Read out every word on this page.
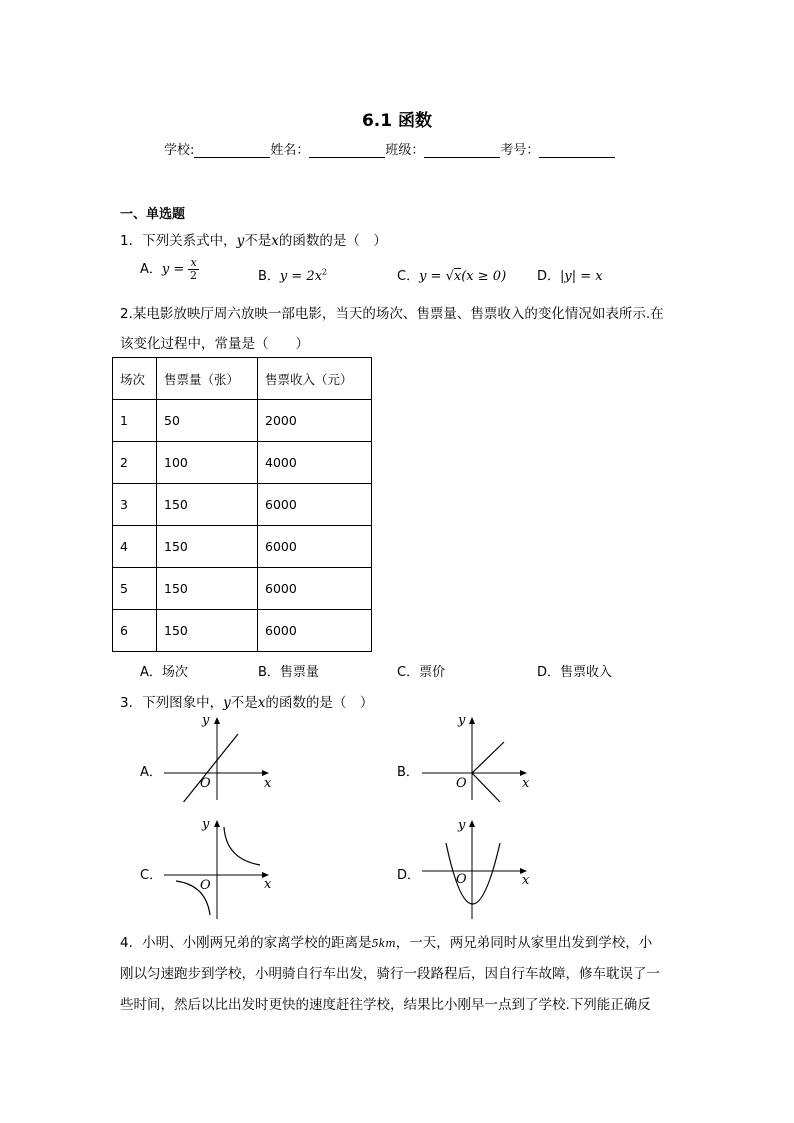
6.1 函数
学校:	姓名：	班级：	考号：
一、单选题
1．下列关系式中，y不是x的函数的是（　）
A．$y = \frac{x}{2}$	B．$y = 2x^2$	C．y = √x(x ≥ 0) D．|y| = x
2.某电影放映厅周六放映一部电影，当天的场次、售票量、售票收入的变化情况如表所示.在
该变化过程中，常量是（　　）
场次	售票量（张）	售票收入（元）
1	50	2000
2	100	4000
3	150	6000
4	150	6000
5	150	6000
6	150	6000
A．场次	B．售票量	C．票价	D．售票收入
3．下列图象中，y不是x的函数的是（　）
A．
y
x
O
B．
y
x
O
C．
y
x
O
D．
y
x
O
4．小明、小刚两兄弟的家离学校的距离是5km，一天，两兄弟同时从家里出发到学校，小
刚以匀速跑步到学校，小明骑自行车出发，骑行一段路程后，因自行车故障，修车耽误了一
些时间，然后以比出发时更快的速度赶往学校，结果比小刚早一点到了学校.下列能正确反
